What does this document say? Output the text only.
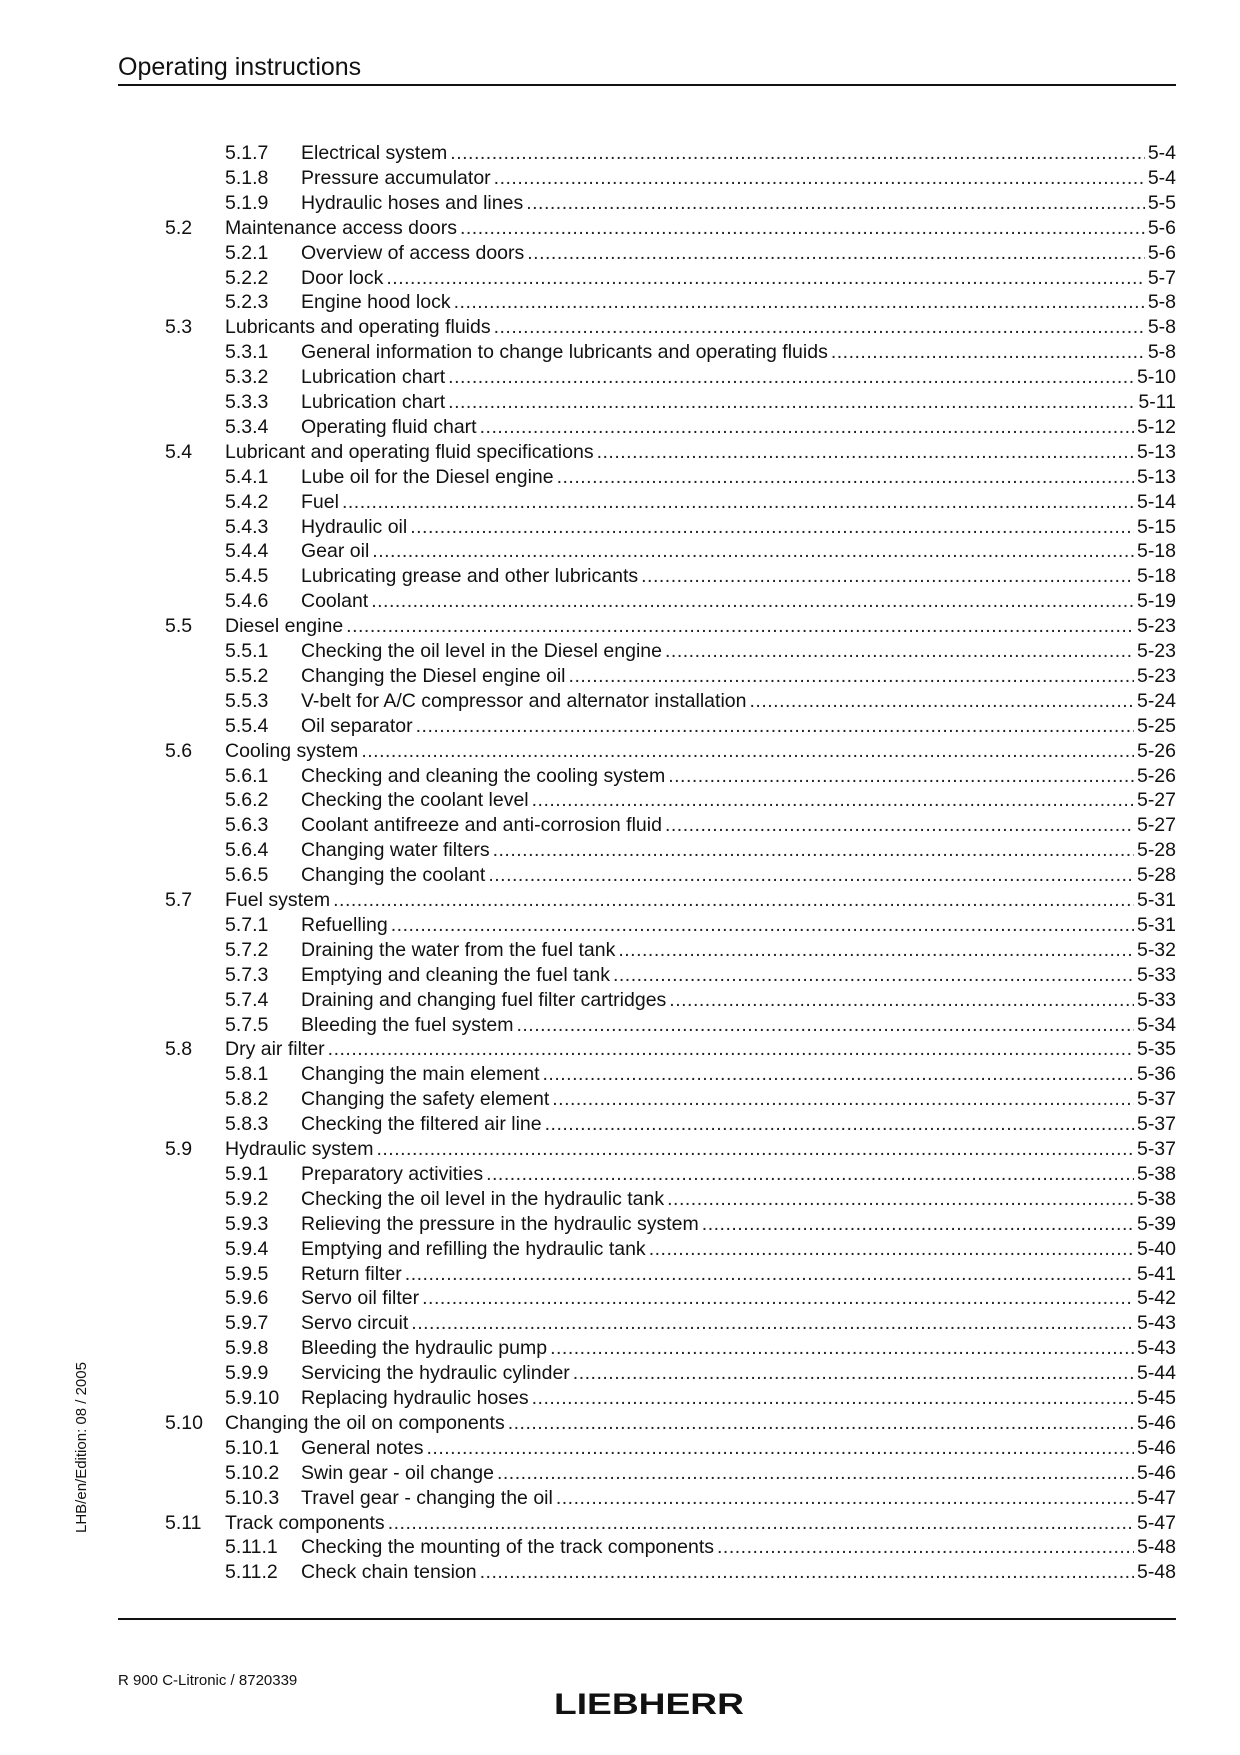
Operating instructions
5.1.7 Electrical system .....	5-4
5.1.8 Pressure accumulator .....	5-4
5.1.9 Hydraulic hoses and lines .....	5-5
5.2 Maintenance access doors .....	5-6
5.2.1 Overview of access doors .....	5-6
5.2.2 Door lock .....	5-7
5.2.3 Engine hood lock .....	5-8
5.3 Lubricants and operating fluids .....	5-8
5.3.1 General information to change lubricants and operating fluids .....	5-8
5.3.2 Lubrication chart .....	5-10
5.3.3 Lubrication chart .....	5-11
5.3.4 Operating fluid chart .....	5-12
5.4 Lubricant and operating fluid specifications .....	5-13
5.4.1 Lube oil for the Diesel engine .....	5-13
5.4.2 Fuel .....	5-14
5.4.3 Hydraulic oil .....	5-15
5.4.4 Gear oil .....	5-18
5.4.5 Lubricating grease and other lubricants .....	5-18
5.4.6 Coolant .....	5-19
5.5 Diesel engine .....	5-23
5.5.1 Checking the oil level in the Diesel engine .....	5-23
5.5.2 Changing the Diesel engine oil .....	5-23
5.5.3 V-belt for A/C compressor and alternator installation .....	5-24
5.5.4 Oil separator .....	5-25
5.6 Cooling system .....	5-26
5.6.1 Checking and cleaning the cooling system .....	5-26
5.6.2 Checking the coolant level .....	5-27
5.6.3 Coolant antifreeze and anti-corrosion fluid .....	5-27
5.6.4 Changing water filters .....	5-28
5.6.5 Changing the coolant .....	5-28
5.7 Fuel system .....	5-31
5.7.1 Refuelling .....	5-31
5.7.2 Draining the water from the fuel tank .....	5-32
5.7.3 Emptying and cleaning the fuel tank .....	5-33
5.7.4 Draining and changing fuel filter cartridges .....	5-33
5.7.5 Bleeding the fuel system .....	5-34
5.8 Dry air filter .....	5-35
5.8.1 Changing the main element .....	5-36
5.8.2 Changing the safety element .....	5-37
5.8.3 Checking the filtered air line .....	5-37
5.9 Hydraulic system .....	5-37
5.9.1 Preparatory activities .....	5-38
5.9.2 Checking the oil level in the hydraulic tank .....	5-38
5.9.3 Relieving the pressure in the hydraulic system .....	5-39
5.9.4 Emptying and refilling the hydraulic tank .....	5-40
5.9.5 Return filter .....	5-41
5.9.6 Servo oil filter .....	5-42
5.9.7 Servo circuit .....	5-43
5.9.8 Bleeding the hydraulic pump .....	5-43
5.9.9 Servicing the hydraulic cylinder .....	5-44
5.9.10 Replacing hydraulic hoses .....	5-45
5.10 Changing the oil on components .....	5-46
5.10.1 General notes .....	5-46
5.10.2 Swin gear - oil change .....	5-46
5.10.3 Travel gear - changing the oil .....	5-47
5.11 Track components .....	5-47
5.11.1 Checking the mounting of the track components .....	5-48
5.11.2 Check chain tension .....	5-48
LHB/en/Edition: 08 / 2005
R 900 C-Litronic / 8720339
LIEBHERR
